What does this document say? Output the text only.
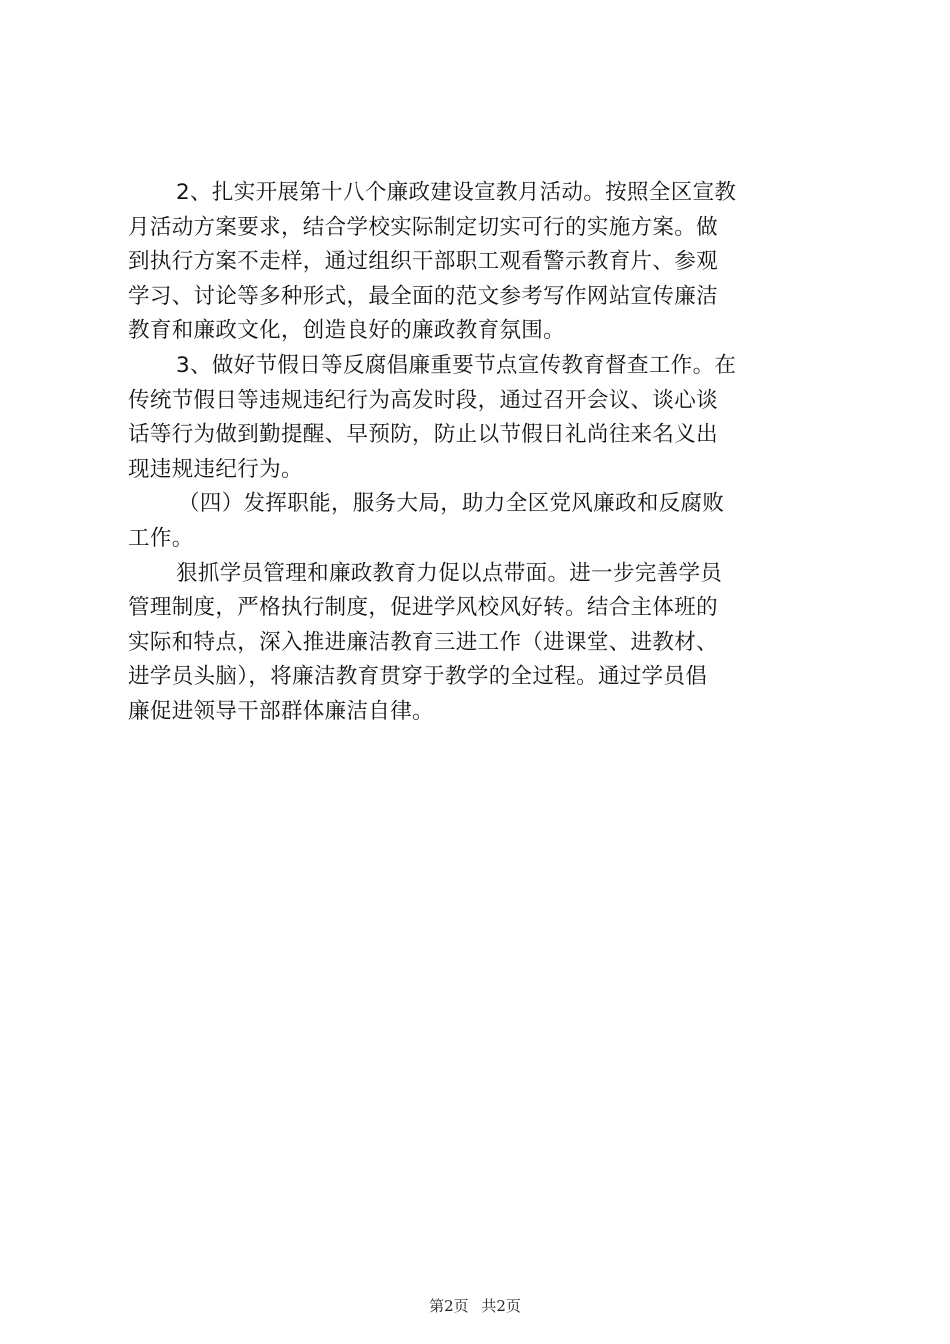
2、扎实开展第十八个廉政建设宣教月活动。按照全区宣教
月活动方案要求，结合学校实际制定切实可行的实施方案。做
到执行方案不走样，通过组织干部职工观看警示教育片、参观
学习、讨论等多种形式，最全面的范文参考写作网站宣传廉洁
教育和廉政文化，创造良好的廉政教育氛围。
3、做好节假日等反腐倡廉重要节点宣传教育督查工作。在
传统节假日等违规违纪行为高发时段，通过召开会议、谈心谈
话等行为做到勤提醒、早预防，防止以节假日礼尚往来名义出
现违规违纪行为。
（四）发挥职能，服务大局，助力全区党风廉政和反腐败
工作。
狠抓学员管理和廉政教育力促以点带面。进一步完善学员
管理制度，严格执行制度，促进学风校风好转。结合主体班的
实际和特点，深入推进廉洁教育三进工作（进课堂、进教材、
进学员头脑），将廉洁教育贯穿于教学的全过程。通过学员倡
廉促进领导干部群体廉洁自律。
第2页 共2页
